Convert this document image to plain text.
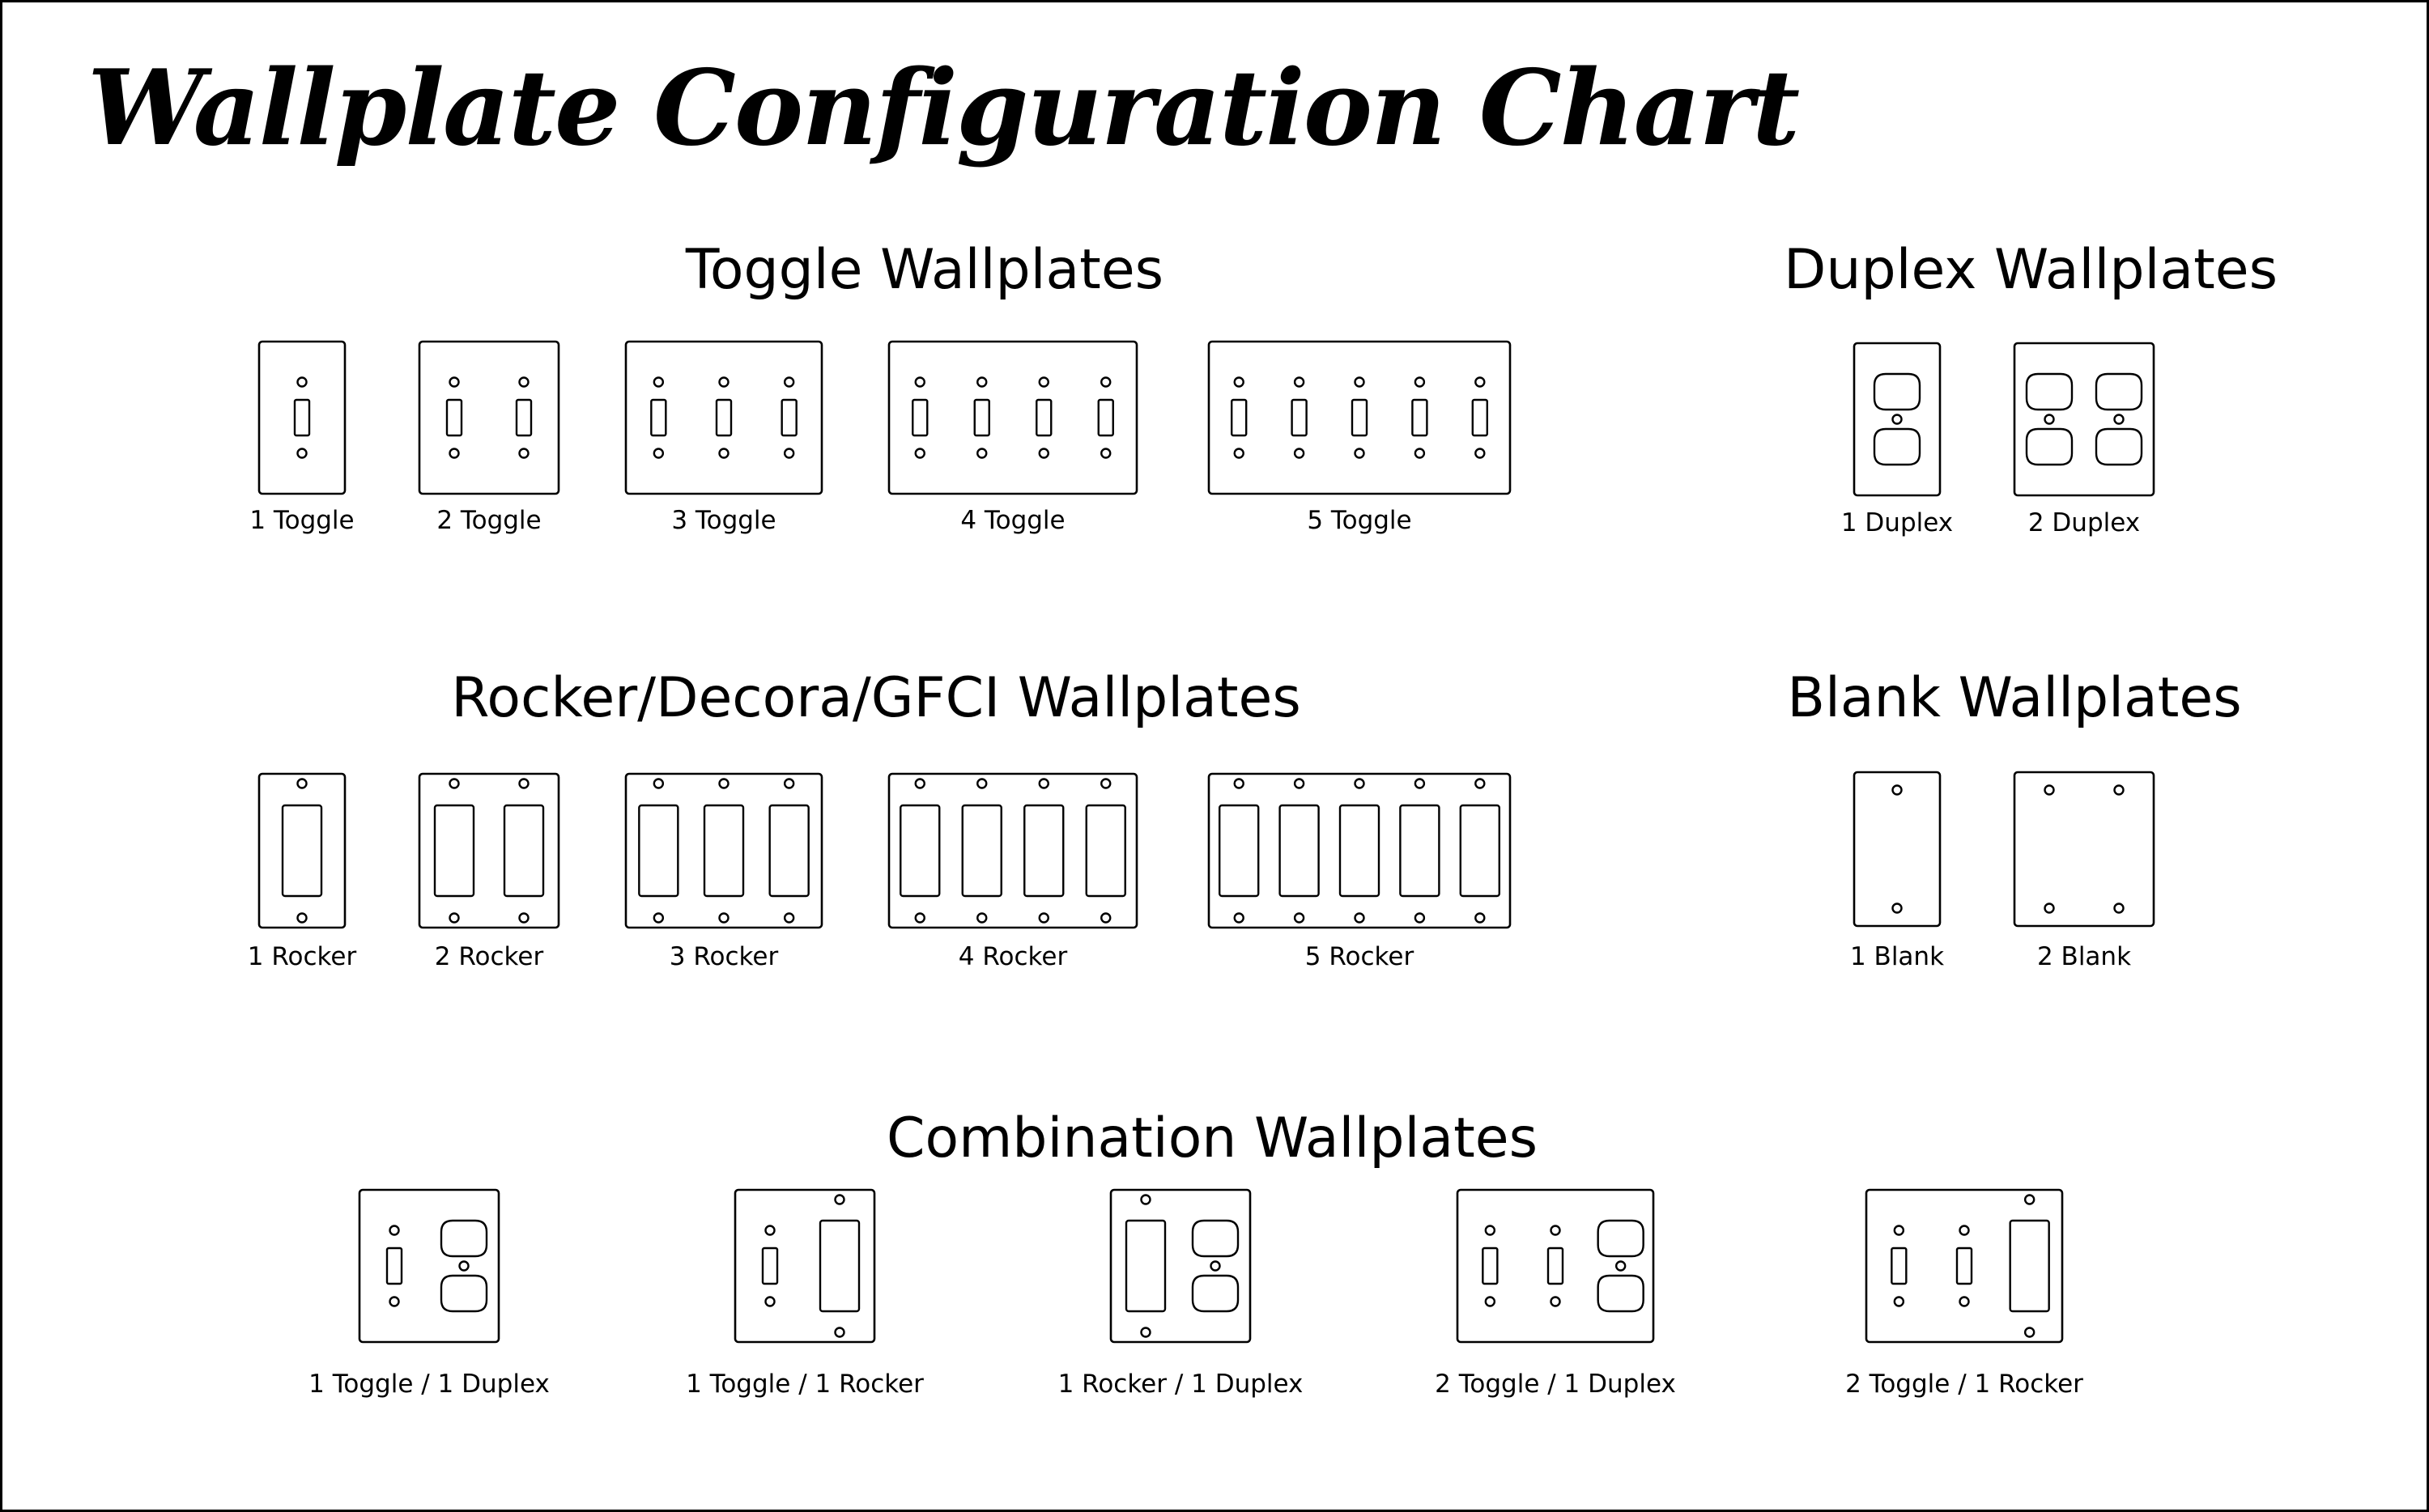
Wallplate Configuration Chart
Toggle Wallplates	Duplex Wallplates
Rocker/Decora/GFCI Wallplates	Blank Wallplates
Combination Wallplates
1 Toggle	2 Toggle	3 Toggle	4 Toggle	5 Toggle	1 Duplex	2 Duplex
1 Rocker	2 Rocker	3 Rocker	4 Rocker	5 Rocker	1 Blank	2 Blank
1 Toggle / 1 Duplex	1 Toggle / 1 Rocker	1 Rocker / 1 Duplex	2 Toggle / 1 Duplex	2 Toggle / 1 Rocker
